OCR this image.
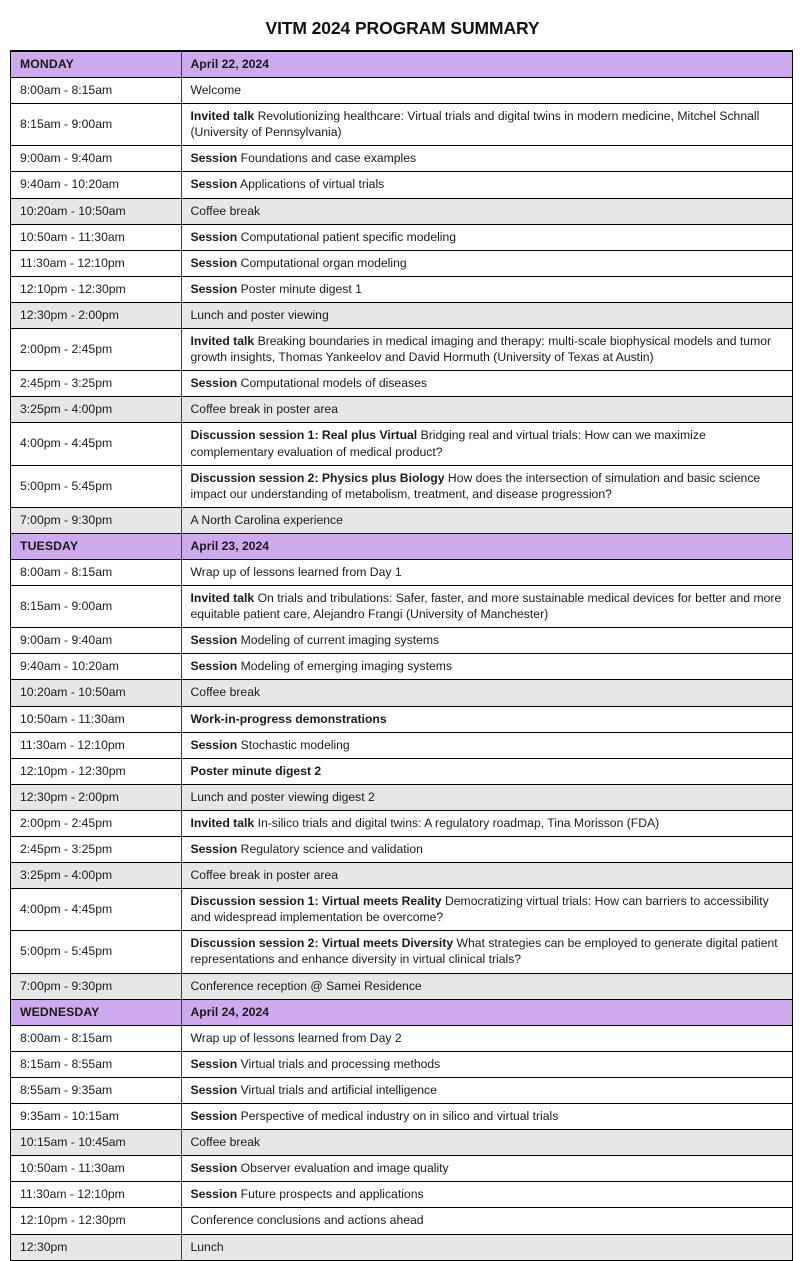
VITM 2024 PROGRAM SUMMARY
MONDAY	April 22, 2024
8:00am - 8:15am	Welcome
8:15am - 9:00am	Invited talk Revolutionizing healthcare: Virtual trials and digital twins in modern medicine, Mitchel Schnall (University of Pennsylvania)
9:00am - 9:40am	Session Foundations and case examples
9:40am - 10:20am	Session Applications of virtual trials
10:20am - 10:50am	Coffee break
10:50am - 11:30am	Session Computational patient specific modeling
11:30am - 12:10pm	Session Computational organ modeling
12:10pm - 12:30pm	Session Poster minute digest 1
12:30pm - 2:00pm	Lunch and poster viewing
2:00pm - 2:45pm	Invited talk Breaking boundaries in medical imaging and therapy: multi-scale biophysical models and tumor growth insights, Thomas Yankeelov and David Hormuth (University of Texas at Austin)
2:45pm - 3:25pm	Session Computational models of diseases
3:25pm - 4:00pm	Coffee break in poster area
4:00pm - 4:45pm	Discussion session 1: Real plus Virtual Bridging real and virtual trials: How can we maximize complementary evaluation of medical product?
5:00pm - 5:45pm	Discussion session 2: Physics plus Biology How does the intersection of simulation and basic science impact our understanding of metabolism, treatment, and disease progression?
7:00pm - 9:30pm	A North Carolina experience
TUESDAY	April 23, 2024
8:00am - 8:15am	Wrap up of lessons learned from Day 1
8:15am - 9:00am	Invited talk On trials and tribulations: Safer, faster, and more sustainable medical devices for better and more equitable patient care, Alejandro Frangi (University of Manchester)
9:00am - 9:40am	Session Modeling of current imaging systems
9:40am - 10:20am	Session Modeling of emerging imaging systems
10:20am - 10:50am	Coffee break
10:50am - 11:30am	Work-in-progress demonstrations
11:30am - 12:10pm	Session Stochastic modeling
12:10pm - 12:30pm	Poster minute digest 2
12:30pm - 2:00pm	Lunch and poster viewing digest 2
2:00pm - 2:45pm	Invited talk In-silico trials and digital twins: A regulatory roadmap, Tina Morisson (FDA)
2:45pm - 3:25pm	Session Regulatory science and validation
3:25pm - 4:00pm	Coffee break in poster area
4:00pm - 4:45pm	Discussion session 1: Virtual meets Reality Democratizing virtual trials: How can barriers to accessibility and widespread implementation be overcome?
5:00pm - 5:45pm	Discussion session 2: Virtual meets Diversity What strategies can be employed to generate digital patient representations and enhance diversity in virtual clinical trials?
7:00pm - 9:30pm	Conference reception @ Samei Residence
WEDNESDAY	April 24, 2024
8:00am - 8:15am	Wrap up of lessons learned from Day 2
8:15am - 8:55am	Session Virtual trials and processing methods
8:55am - 9:35am	Session Virtual trials and artificial intelligence
9:35am - 10:15am	Session Perspective of medical industry on in silico and virtual trials
10:15am - 10:45am	Coffee break
10:50am - 11:30am	Session Observer evaluation and image quality
11:30am - 12:10pm	Session Future prospects and applications
12:10pm - 12:30pm	Conference conclusions and actions ahead
12:30pm	Lunch
